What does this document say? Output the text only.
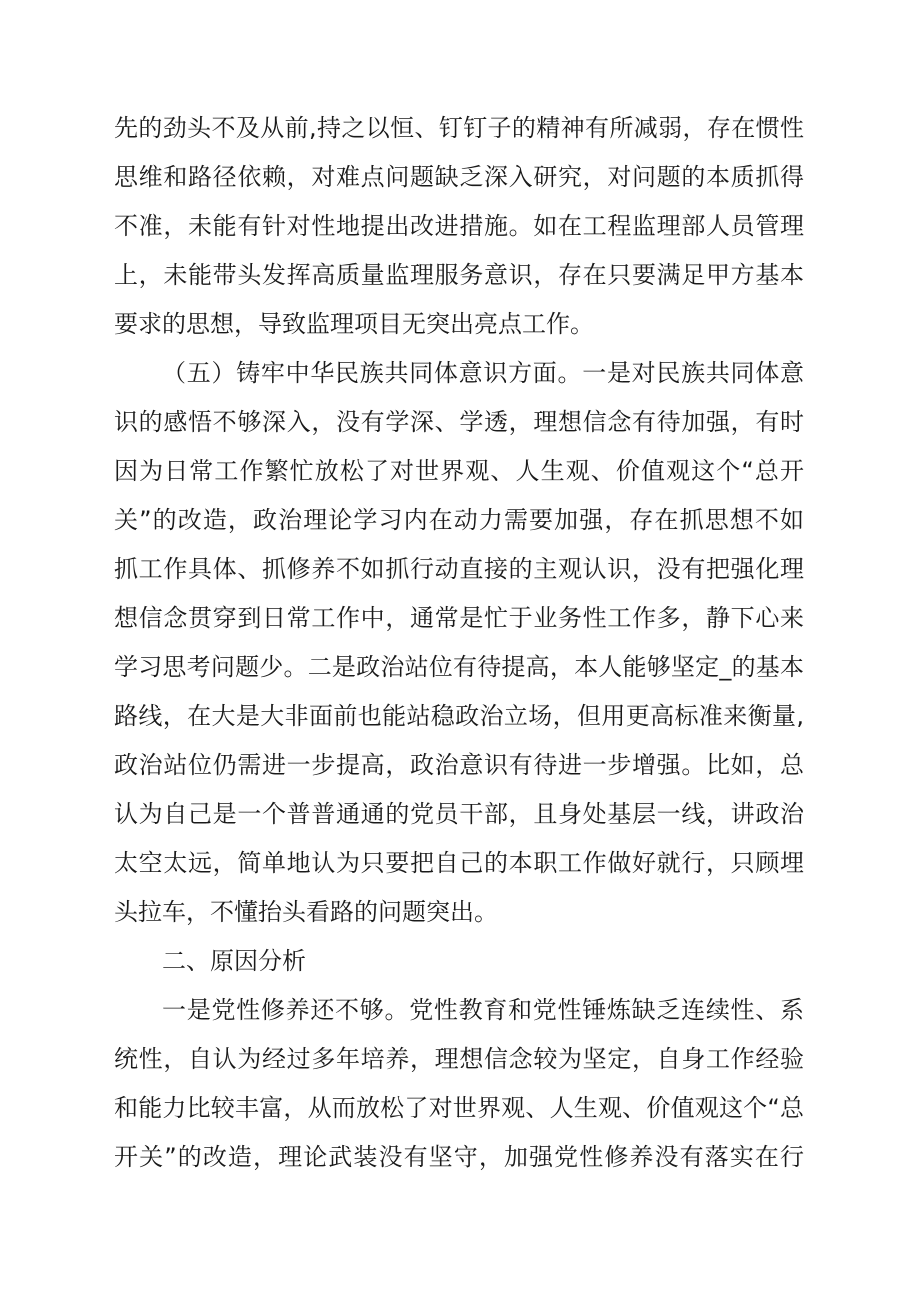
先的劲头不及从前,持之以恒、钉钉子的精神有所减弱，存在惯性
思维和路径依赖，对难点问题缺乏深入研究，对问题的本质抓得
不准，未能有针对性地提出改进措施。如在工程监理部人员管理
上，未能带头发挥高质量监理服务意识，存在只要满足甲方基本
要求的思想，导致监理项目无突出亮点工作。
（五）铸牢中华民族共同体意识方面。一是对民族共同体意
识的感悟不够深入，没有学深、学透，理想信念有待加强，有时
因为日常工作繁忙放松了对世界观、人生观、价值观这个“总开
关”的改造，政治理论学习内在动力需要加强，存在抓思想不如
抓工作具体、抓修养不如抓行动直接的主观认识，没有把强化理
想信念贯穿到日常工作中，通常是忙于业务性工作多，静下心来
学习思考问题少。二是政治站位有待提高，本人能够坚定_的基本
路线，在大是大非面前也能站稳政治立场，但用更高标准来衡量,
政治站位仍需进一步提高，政治意识有待进一步增强。比如，总
认为自己是一个普普通通的党员干部，且身处基层一线，讲政治
太空太远，简单地认为只要把自己的本职工作做好就行，只顾埋
头拉车，不懂抬头看路的问题突出。
二、原因分析
一是党性修养还不够。党性教育和党性锤炼缺乏连续性、系
统性，自认为经过多年培养，理想信念较为坚定，自身工作经验
和能力比较丰富，从而放松了对世界观、人生观、价值观这个“总
开关”的改造，理论武装没有坚守，加强党性修养没有落实在行
